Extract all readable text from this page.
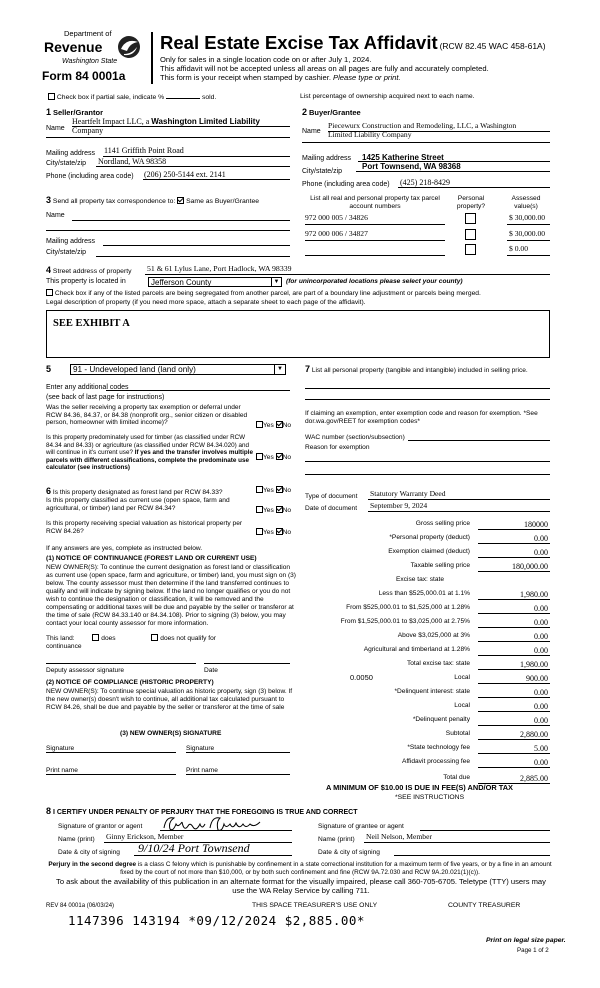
Department of
Revenue
Washington State
Form 84 0001a
Real Estate Excise Tax Affidavit (RCW 82.45 WAC 458-61A)
Only for sales in a single location code on or after July 1, 2024.
This affidavit will not be accepted unless all areas on all pages are fully and accurately completed.
This form is your receipt when stamped by cashier. Please type or print.
Check box if partial sale, indicate %	sold.	List percentage of ownership acquired next to each name.
1 Seller/Grantor
Name
Heartfelt Impact LLC, a Washington Limited Liability
Company
Mailing address 1141 Griffith Point Road
City/state/zip Nordland, WA 98358
Phone (including area code) (206) 250-5144 ext. 2141
2 Buyer/Grantee
Name
Piecewurx Construction and Remodeling, LLC, a Washington
Limited Liability Company
Mailing address 1425 Katherine Street
City/state/zip
Port Townsend, WA 98368
Phone (including area code) (425) 218-8429
3 Send all property tax correspondence to: Same as Buyer/Grantee
Name
Mailing address
City/state/zip
List all real and personal property tax parcel account numbers
Personal property?
Assessed value(s)
972 000 005 / 34826	$ 30,000.00
972 000 006 / 34827	$ 30,000.00
$ 0.00
4 Street address of property 51 & 61 Lylus Lane, Port Hadlock, WA 98339
This property is located in	Jefferson County	▼ (for unincorporated locations please select your county)
Check box if any of the listed parcels are being segregated from another parcel, are part of a boundary line adjustment or parcels being merged.
Legal description of property (if you need more space, attach a separate sheet to each page of the affidavit).
SEE EXHIBIT A
5	91 - Undeveloped land (land only)	▼
Enter any additional codes
(see back of last page for instructions)
Was the seller receiving a property tax exemption or deferral under RCW 84.36, 84.37, or 84.38 (nonprofit org., senior citizen or disabled person, homeowner with limited income)?	Yes No
Is this property predominately used for timber (as classified under RCW 84.34 and 84.33) or agriculture (as classified under RCW 84.34.020) and will continue in it's current use? If yes and the transfer involves multiple parcels with different classifications, complete the predominate use calculator (see instructions)
Yes No
6 Is this property designated as forest land per RCW 84.33?	Yes No
Is this property classified as current use (open space, farm and agricultural, or timber) land per RCW 84.34?	Yes No
Is this property receiving special valuation as historical property per RCW 84.26?	Yes No
If any answers are yes, complete as instructed below.
(1) NOTICE OF CONTINUANCE (FOREST LAND OR CURRENT USE)
NEW OWNER(S): To continue the current designation as forest land or classification as current use (open space, farm and agriculture, or timber) land, you must sign on (3) below. The county assessor must then determine if the land transferred continues to qualify and will indicate by signing below. If the land no longer qualifies or you do not wish to continue the designation or classification, it will be removed and the compensating or additional taxes will be due and payable by the seller or transferor at the time of sale (RCW 84.33.140 or 84.34.108). Prior to signing (3) below, you may contact your local county assessor for more information.
This land:	does	does not qualify for
continuance
Deputy assessor signature	Date
(2) NOTICE OF COMPLIANCE (HISTORIC PROPERTY)
NEW OWNER(S): To continue special valuation as historic property, sign (3) below. If the new owner(s) doesn't wish to continue, all additional tax calculated pursuant to RCW 84.26, shall be due and payable by the seller or transferor at the time of sale
(3) NEW OWNER(S) SIGNATURE
Signature	Signature
Print name	Print name
7 List all personal property (tangible and intangible) included in selling price.
If claiming an exemption, enter exemption code and reason for exemption. *See dor.wa.gov/REET for exemption codes*
WAC number (section/subsection)
Reason for exemption
Type of document Statutory Warranty Deed
Date of document September 9, 2024
Gross selling price	180000
*Personal property (deduct)	0.00
Exemption claimed (deduct)	0.00
Taxable selling price	180,000.00
Excise tax: state
Less than $525,000.01 at 1.1%	1,980.00
From $525,000.01 to $1,525,000 at 1.28%	0.00
From $1,525,000.01 to $3,025,000 at 2.75%	0.00
Above $3,025,000 at 3%	0.00
Agricultural and timberland at 1.28%	0.00
Total excise tax: state	1,980.00
0.0050	Local	900.00
*Delinquent interest: state	0.00
Local	0.00
*Delinquent penalty	0.00
Subtotal	2,880.00
*State technology fee	5.00
Affidavit processing fee	0.00
Total due	2,885.00
A MINIMUM OF $10.00 IS DUE IN FEE(S) AND/OR TAX
*SEE INSTRUCTIONS
8 I CERTIFY UNDER PENALTY OF PERJURY THAT THE FOREGOING IS TRUE AND CORRECT
Signature of grantor or agent	Signature of grantee or agent
Name (print) Ginny Erickson, Member	Name (print) Neil Nelson, Member
Date & city of signing 9/10/24 Port Townsend	Date & city of signing
Perjury in the second degree is a class C felony which is punishable by confinement in a state correctional institution for a maximum term of five years, or by a fine in an amount fixed by the court of not more than $10,000, or by both such confinement and fine (RCW 9A.72.030 and RCW 9A.20.021(1)(c)).
To ask about the availability of this publication in an alternate format for the visually impaired, please call 360-705-6705. Teletype (TTY) users may use the WA Relay Service by calling 711.
REV 84 0001a (06/03/24)	THIS SPACE TREASURER'S USE ONLY	COUNTY TREASURER
1147396 143194 *09/12/2024 $2,885.00*
Print on legal size paper.
Page 1 of 2
